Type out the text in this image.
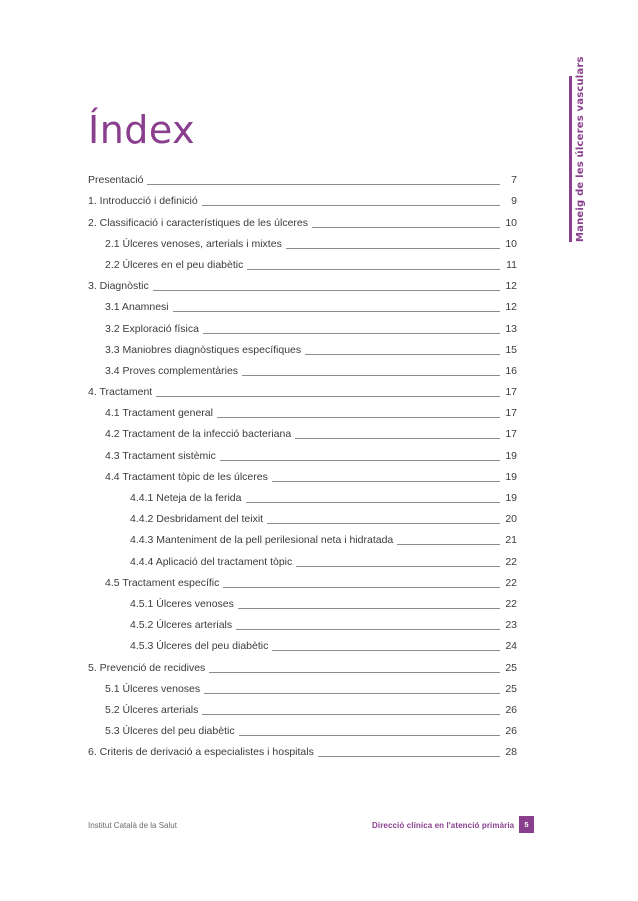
Índex	Maneig de les úlceres vasculars
Presentació	7
1. Introducció i definició	9
2. Classificació i característiques de les úlceres	10
2.1 Úlceres venoses, arterials i mixtes	10
2.2 Úlceres en el peu diabètic	11
3. Diagnòstic	12
3.1 Anamnesi	12
3.2 Exploració física	13
3.3 Maniobres diagnòstiques específiques	15
3.4 Proves complementàries	16
4. Tractament	17
4.1 Tractament general	17
4.2 Tractament de la infecció bacteriana	17
4.3 Tractament sistèmic	19
4.4 Tractament tòpic de les úlceres	19
4.4.1 Neteja de la ferida	19
4.4.2 Desbridament del teixit	20
4.4.3 Manteniment de la pell perilesional neta i hidratada	21
4.4.4 Aplicació del tractament tòpic	22
4.5 Tractament específic	22
4.5.1 Úlceres venoses	22
4.5.2 Úlceres arterials	23
4.5.3 Úlceres del peu diabètic	24
5. Prevenció de recidives	25
5.1 Úlceres venoses	25
5.2 Úlceres arterials	26
5.3 Úlceres del peu diabètic	26
6. Criteris de derivació a especialistes i hospitals	28
Institut Català de la Salut	Direcció clínica en l'atenció primària	5
